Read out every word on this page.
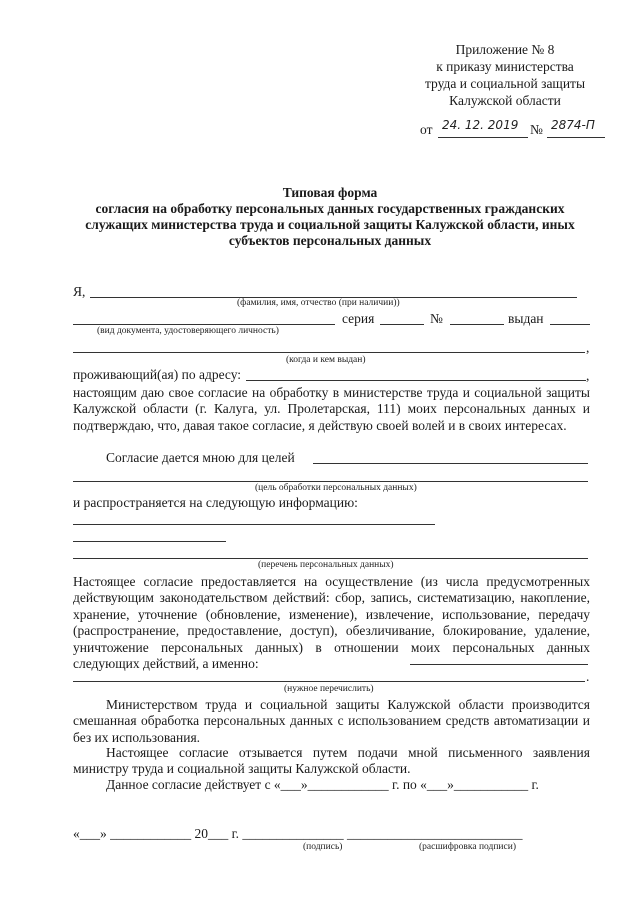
Приложение № 8
к приказу министерства
труда и социальной защиты
Калужской области
от 24. 12. 2019 № 2874-П
Типовая форма
согласия на обработку персональных данных государственных гражданских
служащих министерства труда и социальной защиты Калужской области, иных
субъектов персональных данных
Я,
(фамилия, имя, отчество (при наличии))
серия	№	выдан
(вид документа, удостоверяющего личность)
,
(когда и кем выдан)
проживающий(ая) по адресу:	,
настоящим даю свое согласие на обработку в министерстве труда и социальной защиты Калужской области (г. Калуга, ул. Пролетарская, 111) моих персональных данных и подтверждаю, что, давая такое согласие, я действую своей волей и в своих интересах.
Согласие дается мною для целей
(цель обработки персональных данных)
и распространяется на следующую информацию:
(перечень персональных данных)
Настоящее согласие предоставляется на осуществление (из числа предусмотренных действующим законодательством действий: сбор, запись, систематизацию, накопление, хранение, уточнение (обновление, изменение), извлечение, использование, передачу (распространение, предоставление, доступ), обезличивание, блокирование, удаление, уничтожение персональных данных) в отношении моих персональных данных следующих действий, а именно:
.
(нужное перечислить)
Министерством труда и социальной защиты Калужской области производится смешанная обработка персональных данных с использованием средств автоматизации и без их использования.
Настоящее согласие отзывается путем подачи мной письменного заявления министру труда и социальной защиты Калужской области.
Данное согласие действует с «___»____________ г. по «___»___________ г.
«___» ____________ 20___ г. _______________ __________________________
(подпись)	(расшифровка подписи)
